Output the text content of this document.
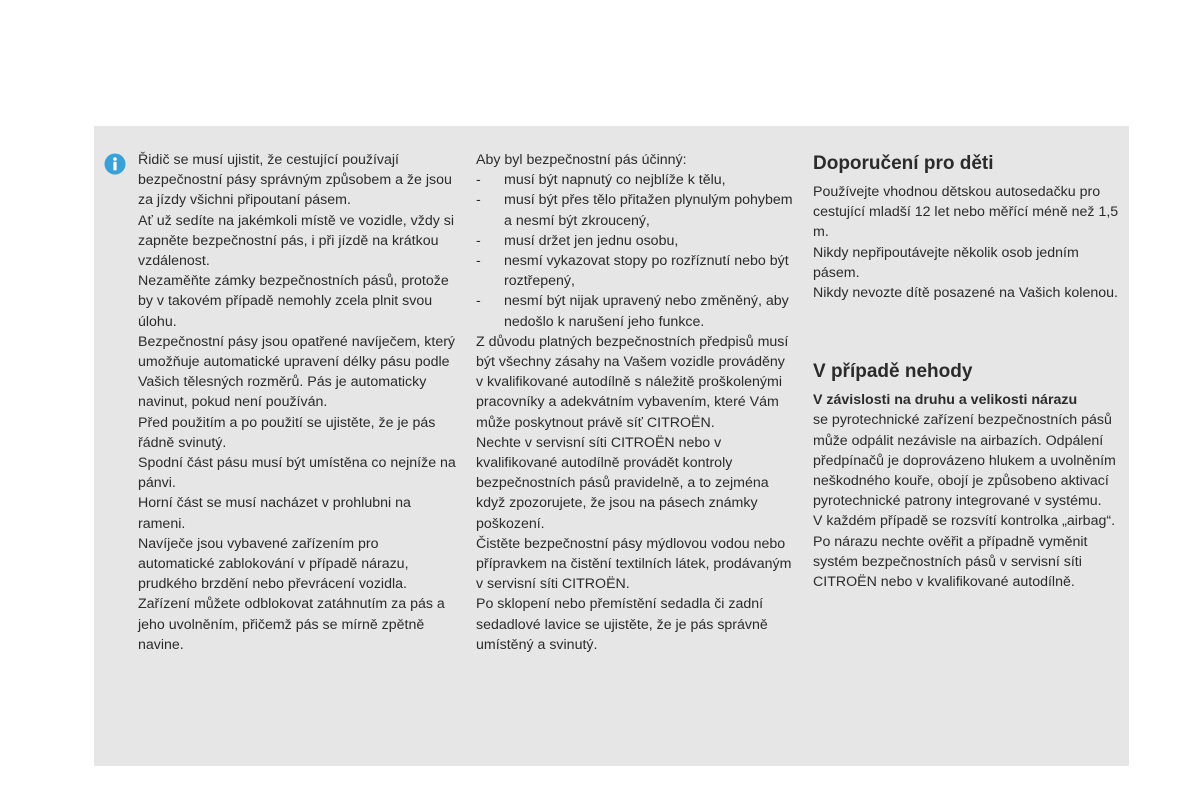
Řidič se musí ujistit, že cestující používají bezpečnostní pásy správným způsobem a že jsou za jízdy všichni připoutaní pásem.

Ať už sedíte na jakémkoli místě ve vozidle, vždy si zapněte bezpečnostní pás, i při jízdě na krátkou vzdálenost.

Nezaměňte zámky bezpečnostních pásů, protože by v takovém případě nemohly zcela plnit svou úlohu.

Bezpečnostní pásy jsou opatřené navíječem, který umožňuje automatické upravení délky pásu podle Vašich tělesných rozměrů. Pás je automaticky navinut, pokud není používán.

Před použitím a po použití se ujistěte, že je pás řádně svinutý.

Spodní část pásu musí být umístěna co nejníže na pánvi.

Horní část se musí nacházet v prohlubni na rameni.

Navíječe jsou vybavené zařízením pro automatické zablokování v případě nárazu, prudkého brzdění nebo převrácení vozidla. Zařízení můžete odblokovat zatáhnutím za pás a jeho uvolněním, přičemž pás se mírně zpětně navine.

Aby byl bezpečnostní pás účinný:

- musí být napnutý co nejblíže k tělu,
- musí být přes tělo přitažen plynulým pohybem a nesmí být zkroucený,
- musí držet jen jednu osobu,
- nesmí vykazovat stopy po rozříznutí nebo být roztřepený,
- nesmí být nijak upravený nebo změněný, aby nedošlo k narušení jeho funkce.

Z důvodu platných bezpečnostních předpisů musí být všechny zásahy na Vašem vozidle prováděny v kvalifikované autodílně s náležitě proškolenými pracovníky a adekvátním vybavením, které Vám může poskytnout právě síť CITROËN.

Nechte v servisní síti CITROËN nebo v kvalifikované autodílně provádět kontroly bezpečnostních pásů pravidelně, a to zejména když zpozorujete, že jsou na pásech známky poškození.

Čistěte bezpečnostní pásy mýdlovou vodou nebo přípravkem na čistění textilních látek, prodávaným v servisní síti CITROËN.

Po sklopení nebo přemístění sedadla či zadní sedadlové lavice se ujistěte, že je pás správně umístěný a svinutý.

Doporučení pro děti

Používejte vhodnou dětskou autosedačku pro cestující mladší 12 let nebo měřící méně než 1,5 m.

Nikdy nepřipoutávejte několik osob jedním pásem.

Nikdy nevozte dítě posazené na Vašich kolenou.

V případě nehody

V závislosti na druhu a velikosti nárazu

se pyrotechnické zařízení bezpečnostních pásů může odpálit nezávisle na airbazích. Odpálení předpínačů je doprovázeno hlukem a uvolněním neškodného kouře, obojí je způsobeno aktivací pyrotechnické patrony integrované v systému.

V každém případě se rozsvítí kontrolka „airbag“.

Po nárazu nechte ověřit a případně vyměnit systém bezpečnostních pásů v servisní síti CITROËN nebo v kvalifikované autodílně.
